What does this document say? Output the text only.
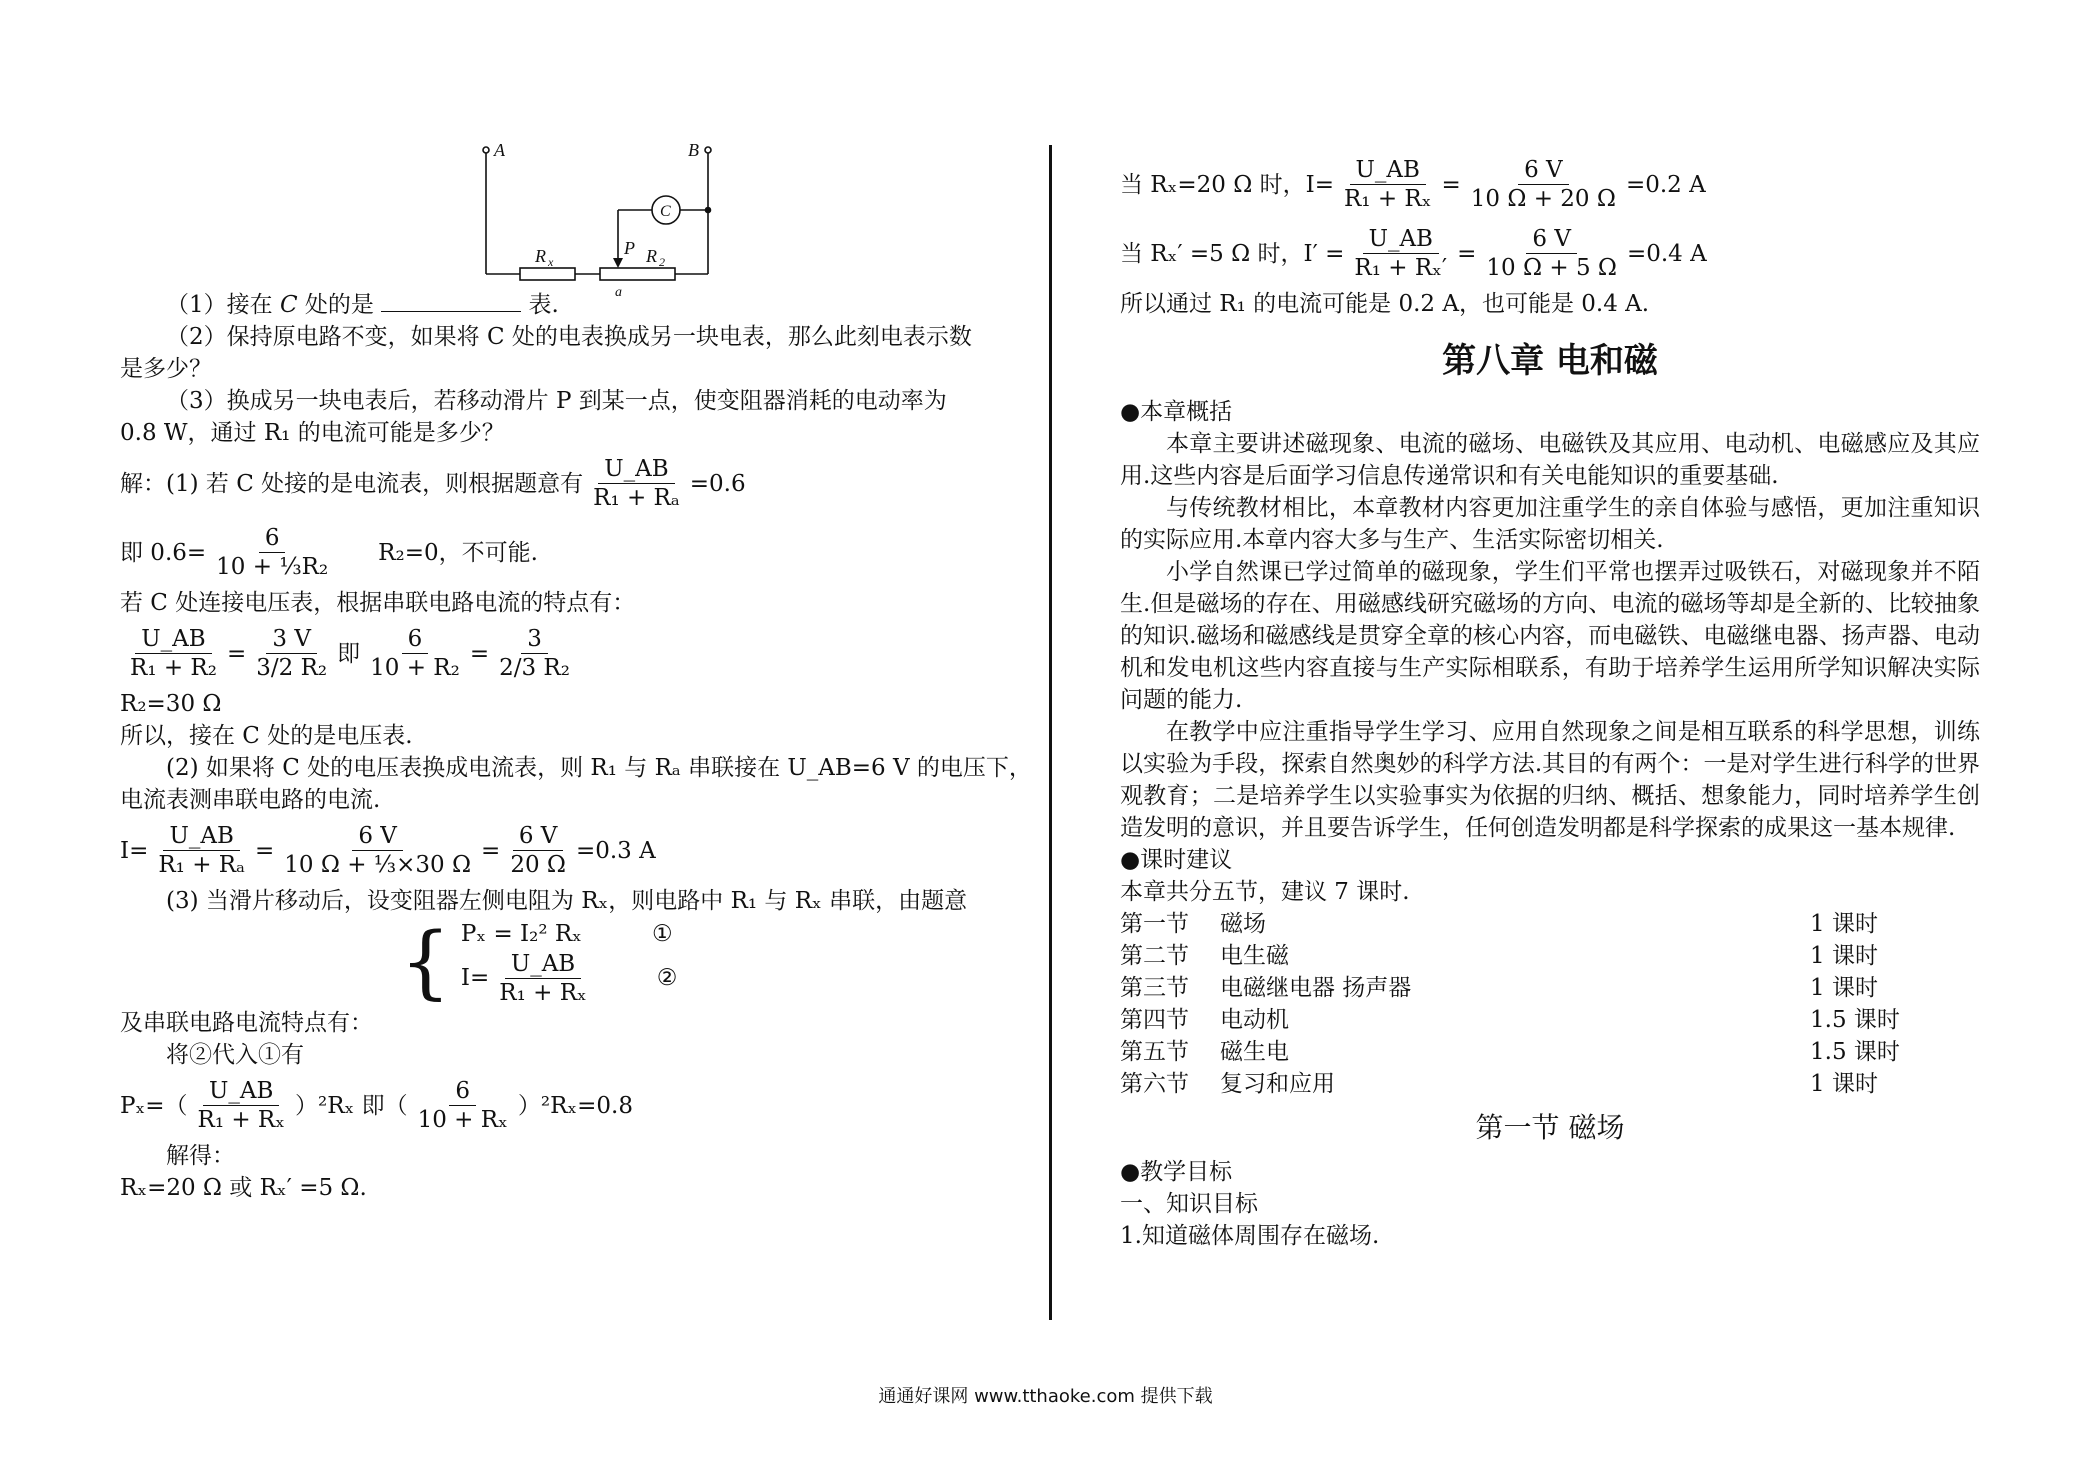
A	B
C
R x
P R 2
a
（1）接在 C 处的是	表.
（2）保持原电路不变，如果将 C 处的电表换成另一块电表，那么此刻电表示数
是多少？
（3）换成另一块电表后，若移动滑片 P 到某一点，使变阻器消耗的电动率为
0.8 W，通过 R₁ 的电流可能是多少？
解：(1) 若 C 处接的是电流表，则根据题意有 $\frac{U\_AB}{\text{R₁ + Rₐ}} =0.6$
即 $0.6= \frac{6}{\text{10 + ⅓R₂}} R_2=0$，不可能.
若 C 处连接电压表，根据串联电路电流的特点有：
$\frac{U\_AB}{\text{R₁ + R₂}} = \frac{3 V}{\text{3/2 R₂}}$ 即 $\frac{6}{\text{10 + R₂}} = \frac{3}{\text{2/3 R₂}}$
R₂=30 Ω
所以，接在 C 处的是电压表.
(2) 如果将 C 处的电压表换成电流表，则 R₁ 与 Rₐ 串联接在 U_AB=6 V 的电压下，
电流表测串联电路的电流.
$I= \frac{U\_AB}{\text{R₁ + Rₐ}} = \frac{6 V}{\text{10 Ω + ⅓×30 Ω}} = \frac{6 V}{20 \Omega} =0.3$ A
(3) 当滑片移动后，设变阻器左侧电阻为 Rₓ，则电路中 R₁ 与 Rₓ 串联，由题意
{ Pₓ = I₂² Rₓ	①
$I= \frac{U\_AB}{\text{R₁ + Rₓ}}$	②
及串联电路电流特点有：
将②代入①有
$P_x=( \frac{U\_AB}{\text{R₁ + Rₓ}} )^2R_x$ 即（ $\frac{6}{\text{10 + Rₓ}} )^2R_x=0.8$
解得：
Rₓ=20 Ω 或 Rₓ′ =5 Ω.
当 Rₓ=20 Ω 时，$I= \frac{U\_AB}{\text{R₁ + Rₓ}} = \frac{6 V}{10 \Omega + 20 \Omega} =0.2$ A
当 Rₓ′ =5 Ω 时，$I' = \frac{U\_AB}{\text{R₁ + Rₓ′}} = \frac{6 V}{10 \Omega + 5 \Omega} =0.4$ A
所以通过 R₁ 的电流可能是 0.2 A，也可能是 0.4 A.
第八章 电和磁
●本章概括
本章主要讲述磁现象、电流的磁场、电磁铁及其应用、电动机、电磁感应及其应用.这些内容是后面学习信息传递常识和有关电能知识的重要基础.
与传统教材相比，本章教材内容更加注重学生的亲自体验与感悟，更加注重知识的实际应用.本章内容大多与生产、生活实际密切相关.
小学自然课已学过简单的磁现象，学生们平常也摆弄过吸铁石，对磁现象并不陌生.但是磁场的存在、用磁感线研究磁场的方向、电流的磁场等却是全新的、比较抽象的知识.磁场和磁感线是贯穿全章的核心内容，而电磁铁、电磁继电器、扬声器、电动机和发电机这些内容直接与生产实际相联系，有助于培养学生运用所学知识解决实际问题的能力.
在教学中应注重指导学生学习、应用自然现象之间是相互联系的科学思想，训练以实验为手段，探索自然奥妙的科学方法.其目的有两个：一是对学生进行科学的世界观教育；二是培养学生以实验事实为依据的归纳、概括、想象能力，同时培养学生创造发明的意识，并且要告诉学生，任何创造发明都是科学探索的成果这一基本规律.
●课时建议
本章共分五节，建议 7 课时.
第一节	磁场	1 课时
第二节	电生磁	1 课时
第三节	电磁继电器 扬声器	1 课时
第四节	电动机	1.5 课时
第五节	磁生电	1.5 课时
第六节	复习和应用	1 课时
第一节 磁场
●教学目标
一、知识目标
1.知道磁体周围存在磁场.
通通好课网 www.tthaoke.com 提供下载
